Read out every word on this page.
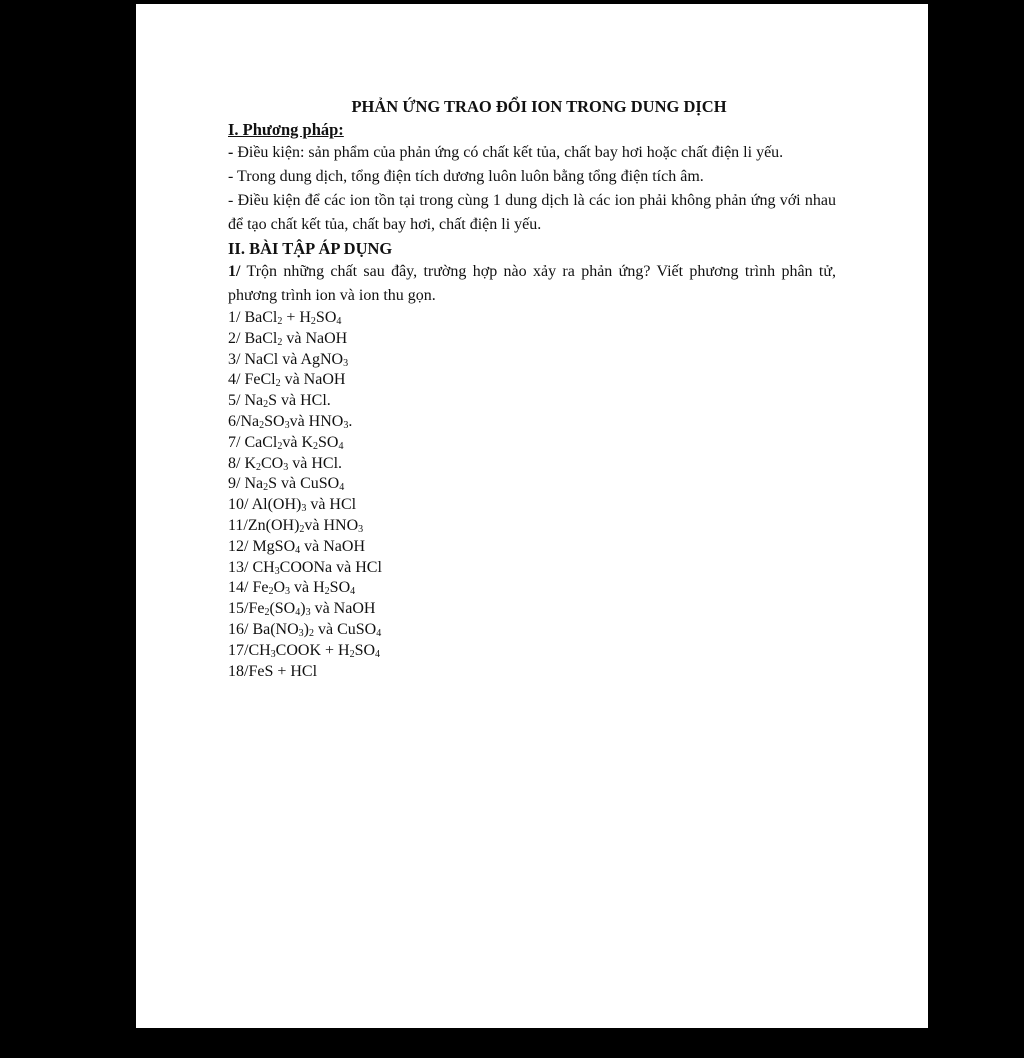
PHẢN ỨNG TRAO ĐỔI ION TRONG DUNG DỊCH

I. Phương pháp:

- Điều kiện: sản phẩm của phản ứng có chất kết tủa, chất bay hơi hoặc chất điện li yếu.

- Trong dung dịch, tổng điện tích dương luôn luôn bằng tổng điện tích âm.

- Điều kiện để các ion tồn tại trong cùng 1 dung dịch là các ion phải không phản ứng với nhau để tạo chất kết tủa, chất bay hơi, chất điện li yếu.

II. BÀI TẬP ÁP DỤNG

1/ Trộn những chất sau đây, trường hợp nào xảy ra phản ứng? Viết phương trình phân tử, phương trình ion và ion thu gọn.

1/ BaCl$_2$ + $H_2SO_4$

2/ BaCl$_2$ và NaOH

3/ NaCl và AgNO$_3$

4/ FeCl$_2$ và NaOH

5/ $Na_2S$ và HCl.

$6/Na_2SO_3và$ $HNO_3$.

7/ CaCl$_2$và $K_2SO_4$

8/ $K_2CO_3$ và HCl.

9/ $Na_2S$ và CuSO$_4$

10/ $Al(OH)_3$ và HCl

$11/Zn(OH)_2và$ $HNO_3$

12/ MgSO$_4$ và NaOH

13/ $CH_3COONa$ và HCl

14/ $Fe_2O_3$ và $H_2SO_4$

$15/Fe_2(SO_4)_3$ và NaOH

16/ $Ba(NO_3)_2$ và CuSO$_4$

$17/CH_3COOK + H_2SO_4$

18/FeS + HCl
